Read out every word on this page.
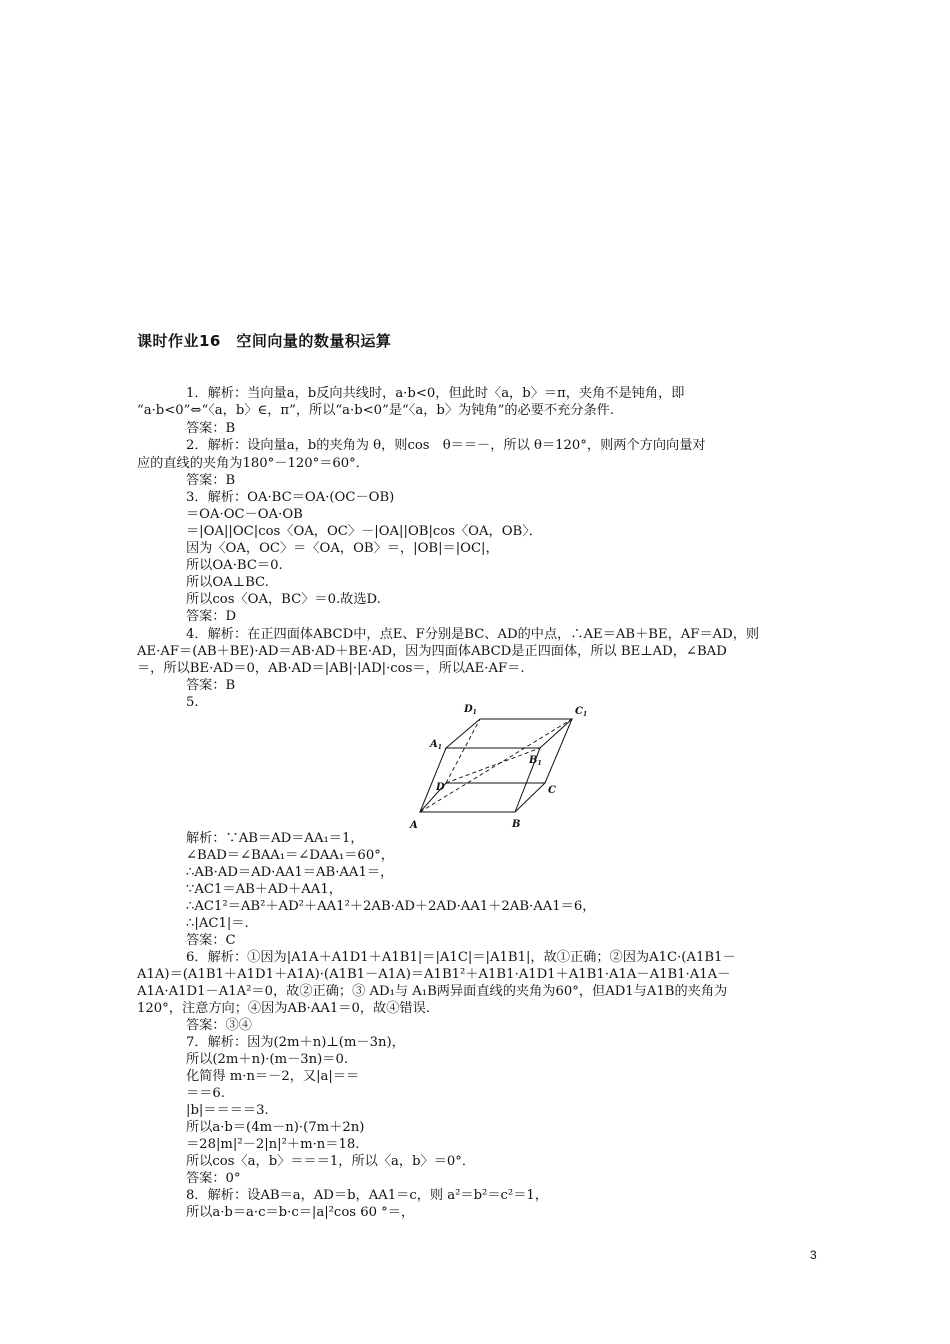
课时作业16　空间向量的数量积运算
1．解析：当向量a，b反向共线时，a·b<0，但此时〈a，b〉＝π，夹角不是钝角，即
“a·b<0”⇔“〈a，b〉∈，π”，所以“a·b<0”是“〈a，b〉为钝角”的必要不充分条件.
答案：B
2．解析：设向量a，b的夹角为 θ，则cos　θ＝＝－，所以 θ＝120°，则两个方向向量对
应的直线的夹角为180°－120°＝60°．
答案：B
3．解析：OA·BC＝OA·(OC－OB)
＝OA·OC－OA·OB
＝|OA||OC|cos〈OA，OC〉－|OA||OB|cos〈OA，OB〉．
因为〈OA，OC〉＝〈OA，OB〉＝，|OB|＝|OC|，
所以OA·BC＝0.
所以OA⊥BC.
所以cos〈OA，BC〉＝0.故选D.
答案：D
4．解析：在正四面体ABCD中，点E、F分别是BC、AD的中点，∴AE＝AB＋BE，AF＝AD，则
AE·AF＝(AB＋BE)·AD＝AB·AD＋BE·AD，因为四面体ABCD是正四面体，所以 BE⊥AD，∠BAD
＝，所以BE·AD＝0，AB·AD＝|AB|·|AD|·cos＝，所以AE·AF＝.
答案：B
5.	$D_1$	$C_1$
$A_1$
$B_1$
D	C
A	B
解析：∵AB＝AD＝AA₁＝1，
∠BAD＝∠BAA₁＝∠DAA₁＝60°，
∴AB·AD＝AD·AA1＝AB·AA1＝，
∵AC1＝AB＋AD＋AA1，
∴AC1²＝AB²＋AD²＋AA1²＋2AB·AD＋2AD·AA1＋2AB·AA1＝6，
∴|AC1|＝.
答案：C
6．解析：①因为|A1A＋A1D1＋A1B1|＝|A1C|＝|A1B1|，故①正确；②因为A1C·(A1B1－
A1A)＝(A1B1＋A1D1＋A1A)·(A1B1－A1A)＝A1B1²＋A1B1·A1D1＋A1B1·A1A－A1B1·A1A－
A1A·A1D1－A1A²＝0，故②正确；③ AD₁与 A₁B两异面直线的夹角为60°，但AD1与A1B的夹角为
120°，注意方向；④因为AB·AA1＝0，故④错误.
答案：③④
7．解析：因为(2m＋n)⊥(m－3n)，
所以(2m＋n)·(m－3n)＝0.
化简得 m·n＝－2，又|a|＝＝
＝＝6.
|b|＝＝＝＝3.
所以a·b＝(4m－n)·(7m＋2n)
＝28|m|²－2|n|²＋m·n＝18.
所以cos〈a，b〉＝＝＝1，所以〈a，b〉＝0°．
答案：0°
8．解析：设AB＝a，AD＝b，AA1＝c，则 a²＝b²＝c²＝1，
所以a·b＝a·c＝b·c＝|a|²cos 60 °＝，
3
